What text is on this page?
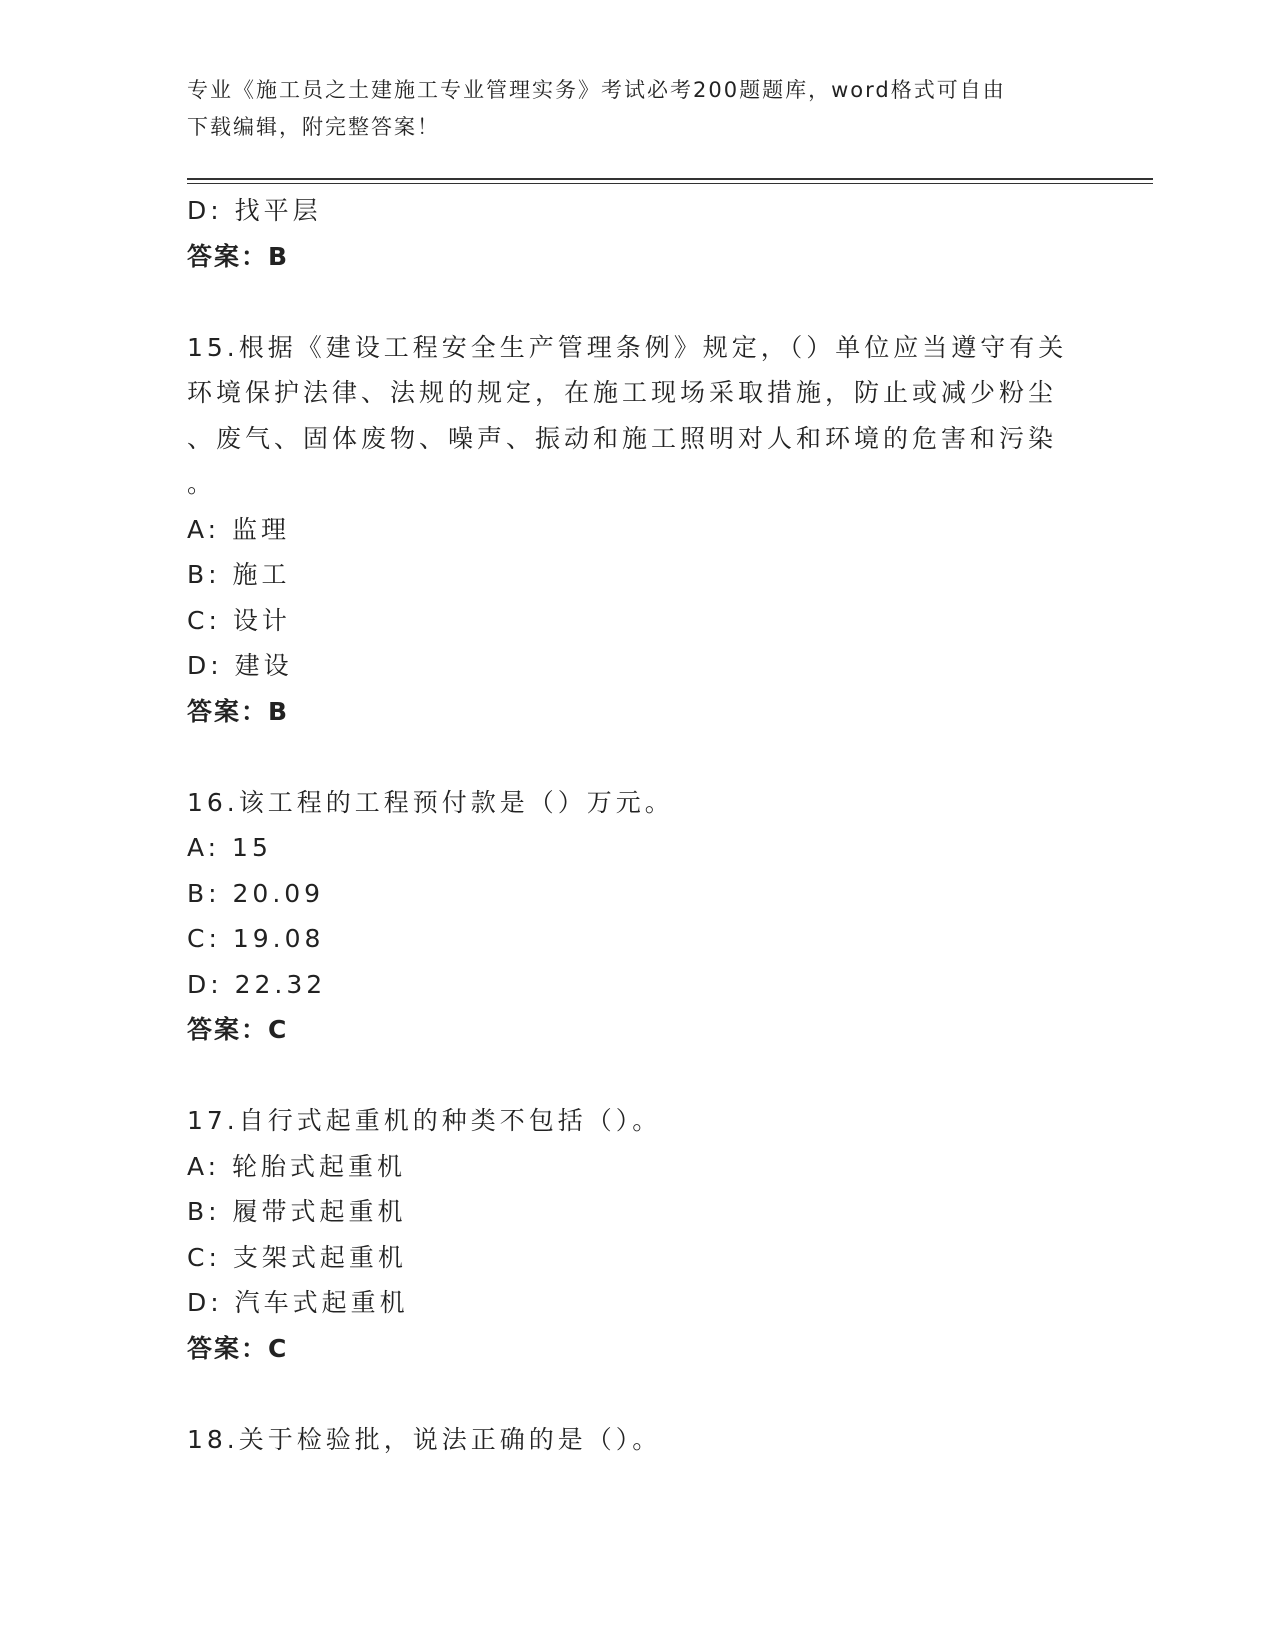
专业《施工员之土建施工专业管理实务》考试必考200题题库，word格式可自由
下载编辑，附完整答案！
D: 找平层
答案：B
15.根据《建设工程安全生产管理条例》规定，（）单位应当遵守有关
环境保护法律、法规的规定，在施工现场采取措施，防止或减少粉尘
、废气、固体废物、噪声、振动和施工照明对人和环境的危害和污染
。
A: 监理
B: 施工
C: 设计
D: 建设
答案：B
16.该工程的工程预付款是（）万元。
A: 15
B: 20.09
C: 19.08
D: 22.32
答案：C
17.自行式起重机的种类不包括（）。
A: 轮胎式起重机
B: 履带式起重机
C: 支架式起重机
D: 汽车式起重机
答案：C
18.关于检验批，说法正确的是（）。
